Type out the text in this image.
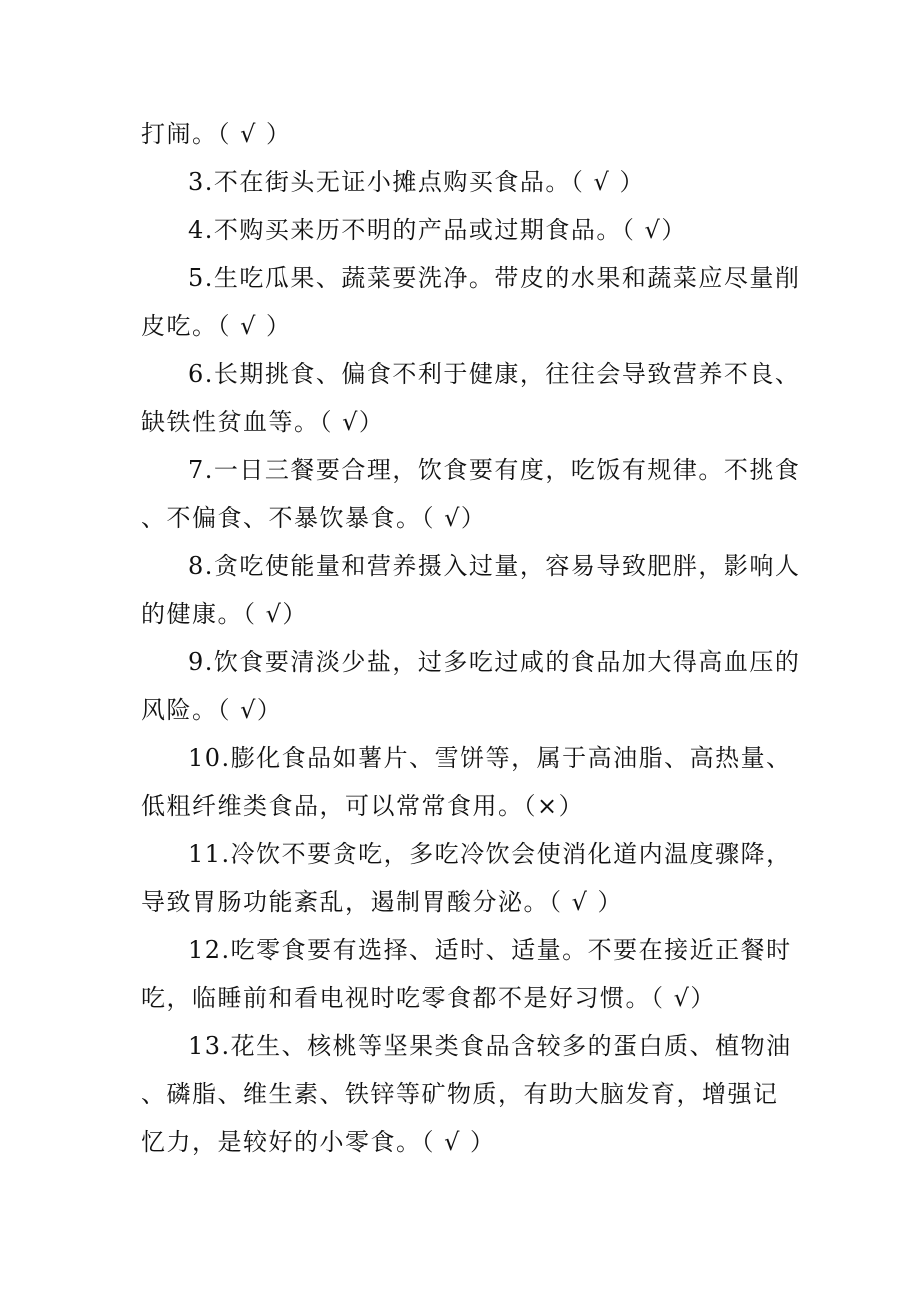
打闹。（ √ ）
3.不在街头无证小摊点购买食品。（ √ ）
4.不购买来历不明的产品或过期食品。（ √）
5.生吃瓜果、蔬菜要洗净。带皮的水果和蔬菜应尽量削
皮吃。（ √ ）
6.长期挑食、偏食不利于健康，往往会导致营养不良、
缺铁性贫血等。（ √）
7.一日三餐要合理，饮食要有度，吃饭有规律。不挑食
、不偏食、不暴饮暴食。（ √）
8.贪吃使能量和营养摄入过量，容易导致肥胖，影响人
的健康。（ √）
9.饮食要清淡少盐，过多吃过咸的食品加大得高血压的
风险。（ √）
10.膨化食品如薯片、雪饼等，属于高油脂、高热量、
低粗纤维类食品，可以常常食用。（×）
11.冷饮不要贪吃，多吃冷饮会使消化道内温度骤降，
导致胃肠功能紊乱，遏制胃酸分泌。（ √ ）
12.吃零食要有选择、适时、适量。不要在接近正餐时
吃，临睡前和看电视时吃零食都不是好习惯。（ √）
13.花生、核桃等坚果类食品含较多的蛋白质、植物油
、磷脂、维生素、铁锌等矿物质，有助大脑发育，增强记
忆力，是较好的小零食。（ √ ）
